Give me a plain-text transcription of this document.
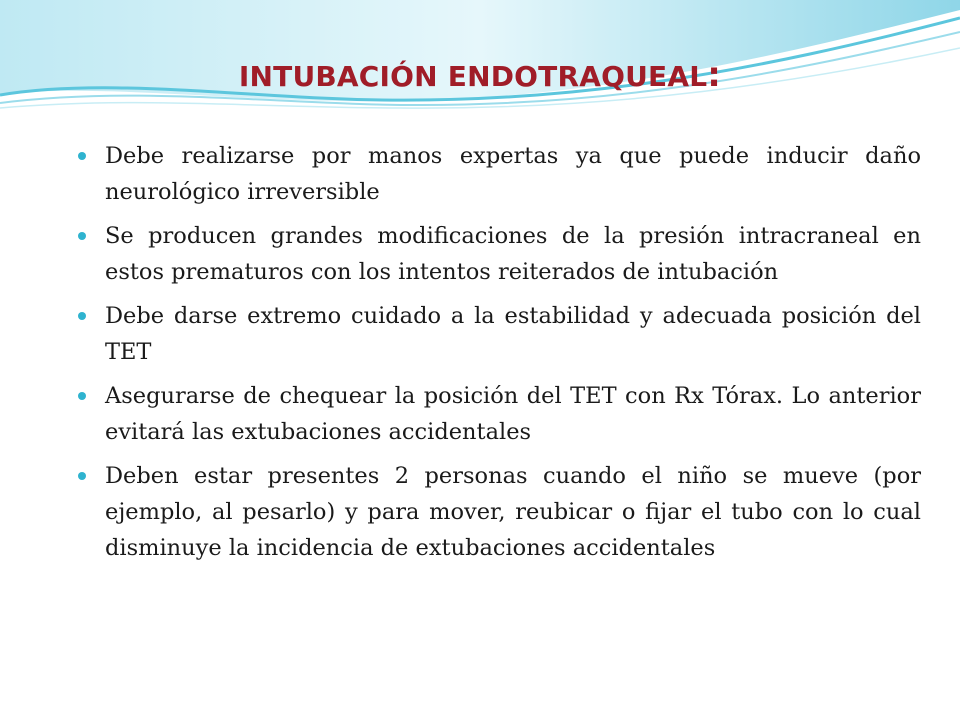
INTUBACIÓN ENDOTRAQUEAL:
Debe realizarse por manos expertas ya que puede inducir daño neurológico irreversible
Se producen grandes modificaciones de la presión intracraneal en estos prematuros con los intentos reiterados de intubación
Debe darse extremo cuidado a la estabilidad y adecuada posición del TET
Asegurarse de chequear la posición del TET con Rx Tórax. Lo anterior evitará las extubaciones accidentales
Deben estar presentes 2 personas cuando el niño se mueve (por ejemplo, al pesarlo) y para mover, reubicar o fijar el tubo con lo cual disminuye la incidencia de extubaciones accidentales
